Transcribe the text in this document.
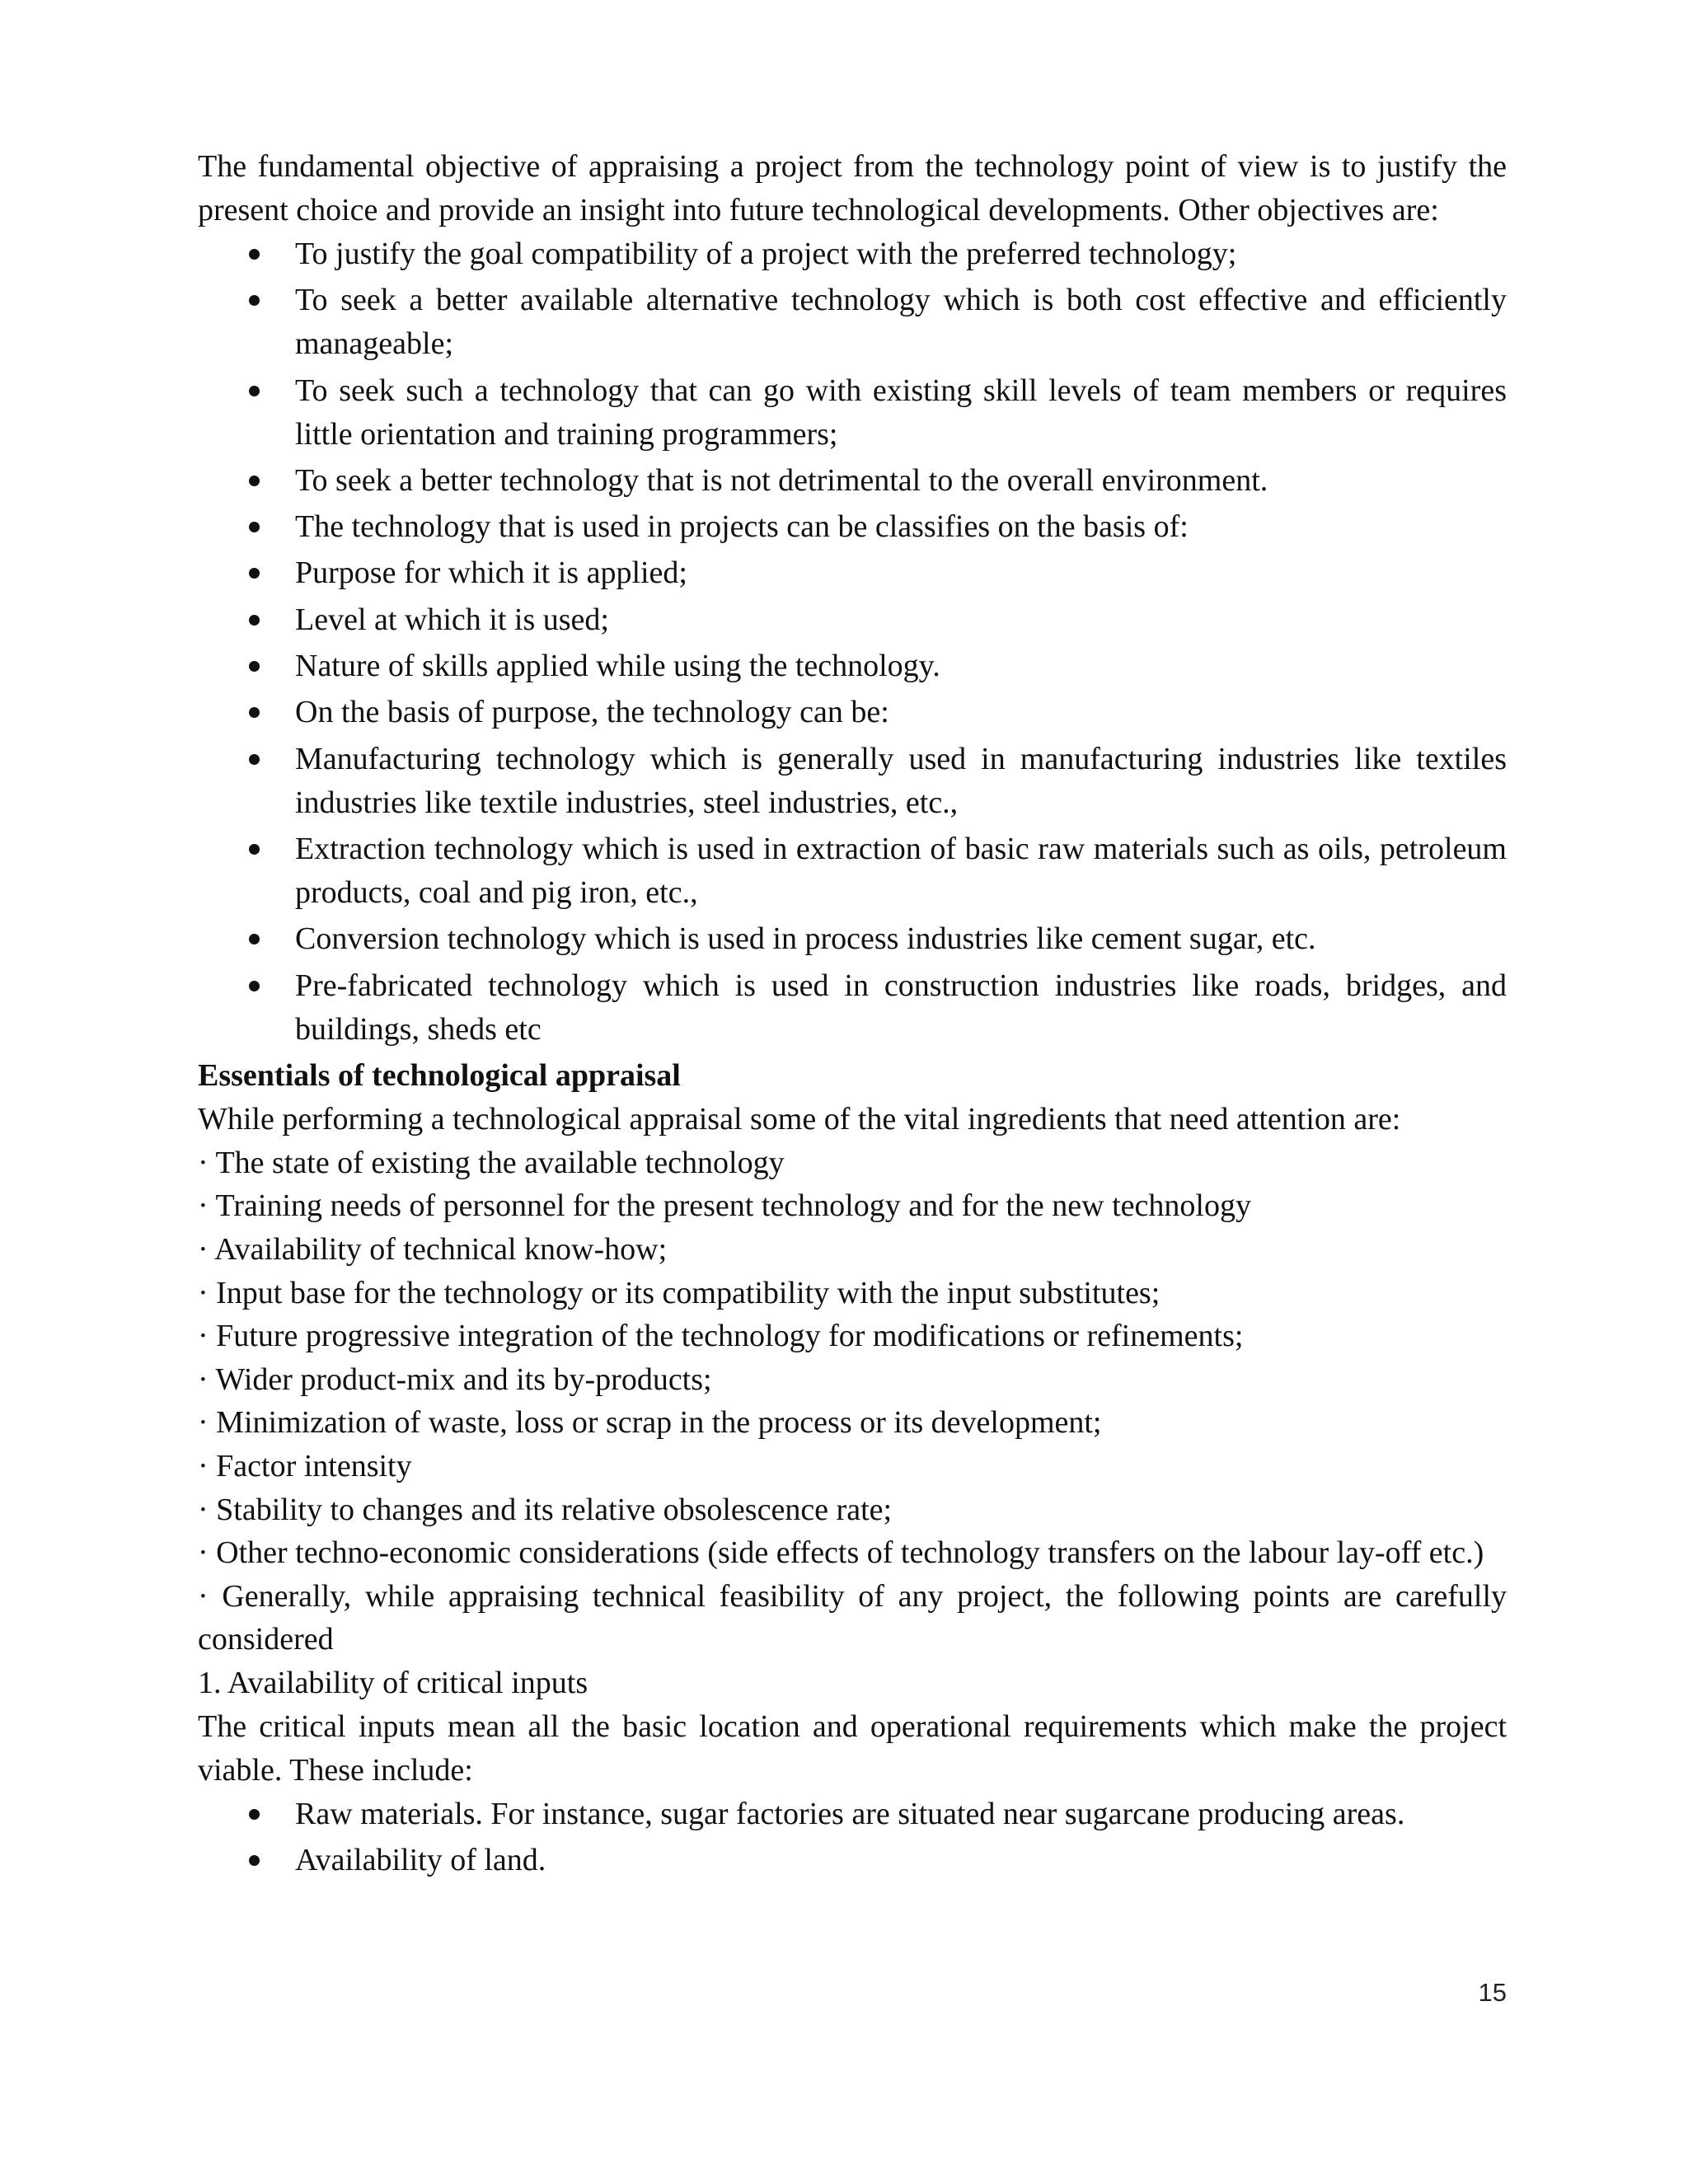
The fundamental objective of appraising a project from the technology point of view is to justify the present choice and provide an insight into future technological developments. Other objectives are:

To justify the goal compatibility of a project with the preferred technology;
To seek a better available alternative technology which is both cost effective and efficiently manageable;
To seek such a technology that can go with existing skill levels of team members or requires little orientation and training programmers;
To seek a better technology that is not detrimental to the overall environment.
The technology that is used in projects can be classifies on the basis of:
Purpose for which it is applied;
Level at which it is used;
Nature of skills applied while using the technology.
On the basis of purpose, the technology can be:
Manufacturing technology which is generally used in manufacturing industries like textiles industries like textile industries, steel industries, etc.,
Extraction technology which is used in extraction of basic raw materials such as oils, petroleum products, coal and pig iron, etc.,
Conversion technology which is used in process industries like cement sugar, etc.
Pre-fabricated technology which is used in construction industries like roads, bridges, and buildings, sheds etc

Essentials of technological appraisal

While performing a technological appraisal some of the vital ingredients that need attention are:

· The state of existing the available technology

· Training needs of personnel for the present technology and for the new technology

· Availability of technical know-how;

· Input base for the technology or its compatibility with the input substitutes;

· Future progressive integration of the technology for modifications or refinements;

· Wider product-mix and its by-products;

· Minimization of waste, loss or scrap in the process or its development;

· Factor intensity

· Stability to changes and its relative obsolescence rate;

· Other techno-economic considerations (side effects of technology transfers on the labour lay-off etc.)

· Generally, while appraising technical feasibility of any project, the following points are carefully considered

1. Availability of critical inputs

The critical inputs mean all the basic location and operational requirements which make the project viable. These include:

Raw materials. For instance, sugar factories are situated near sugarcane producing areas.
Availability of land.
15
